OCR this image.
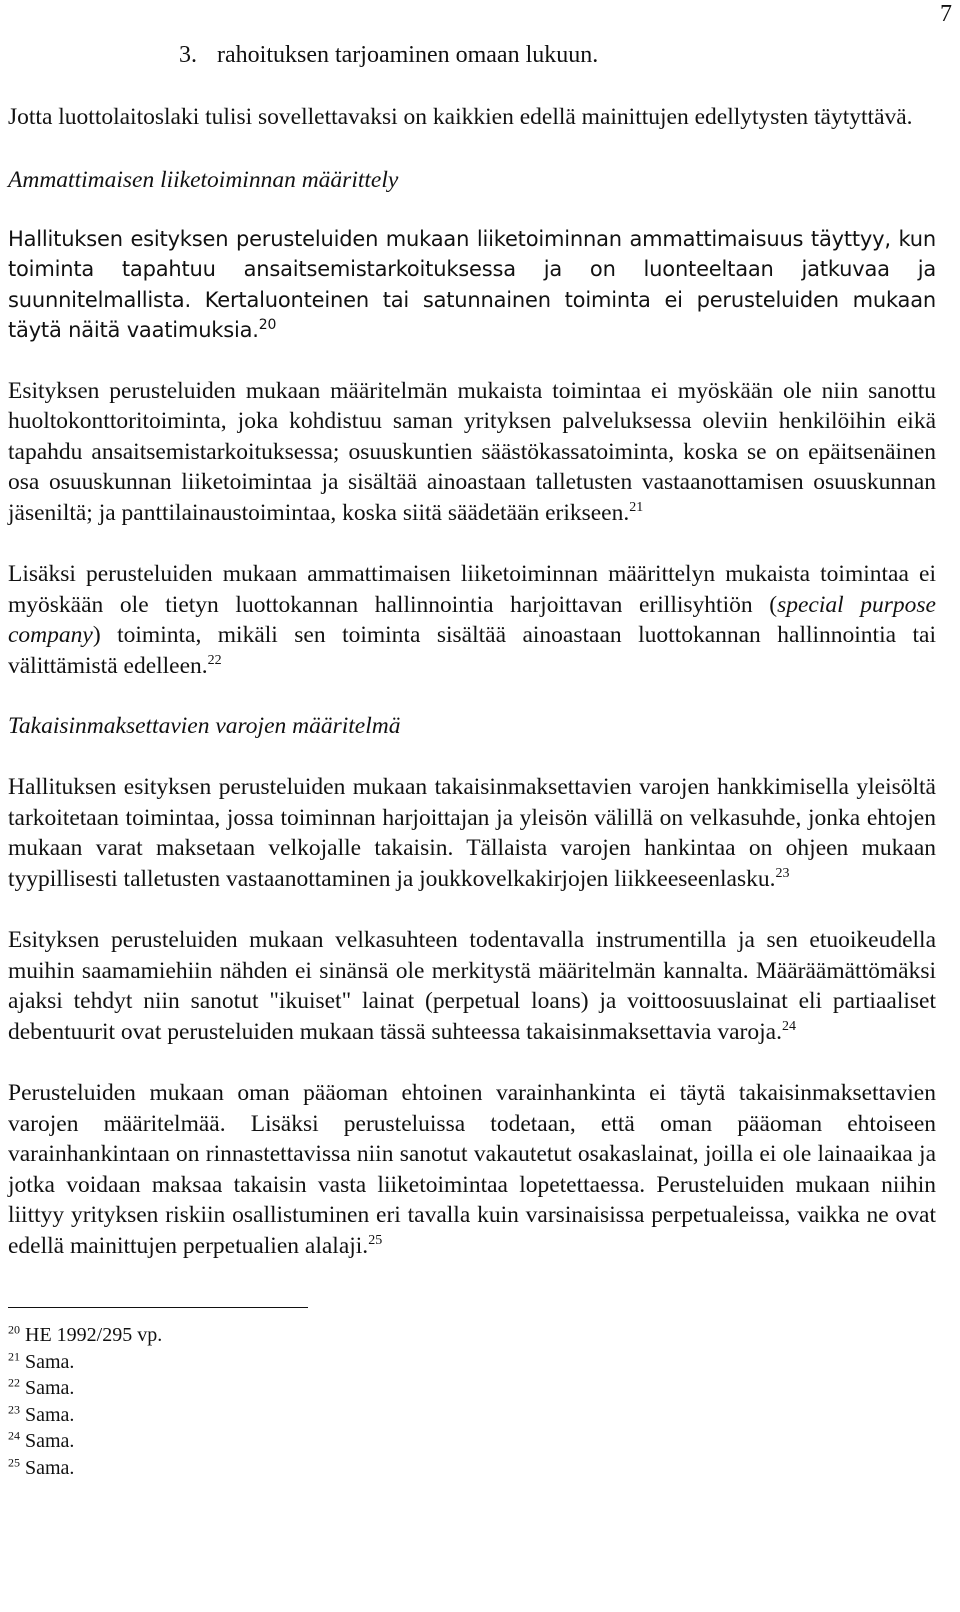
7
3. rahoituksen tarjoaminen omaan lukuun.

Jotta luottolaitoslaki tulisi sovellettavaksi on kaikkien edellä mainittujen edellytysten täytyttävä.

Ammattimaisen liiketoiminnan määrittely

Hallituksen esityksen perusteluiden mukaan liiketoiminnan ammattimaisuus täyttyy, kun toiminta tapahtuu ansaitsemistarkoituksessa ja on luonteeltaan jatkuvaa ja suunnitelmallista. Kertaluonteinen tai satunnainen toiminta ei perusteluiden mukaan täytä näitä vaatimuksia.$^{20}$

Esityksen perusteluiden mukaan määritelmän mukaista toimintaa ei myöskään ole niin sanottu huoltokonttoritoiminta, joka kohdistuu saman yrityksen palveluksessa oleviin henkilöihin eikä tapahdu ansaitsemistarkoituksessa; osuuskuntien säästökassatoiminta, koska se on epäitsenäinen osa osuuskunnan liiketoimintaa ja sisältää ainoastaan talletusten vastaanottamisen osuuskunnan jäseniltä; ja panttilainaustoimintaa, koska siitä säädetään erikseen.$^{21}$

Lisäksi perusteluiden mukaan ammattimaisen liiketoiminnan määrittelyn mukaista toimintaa ei myöskään ole tietyn luottokannan hallinnointia harjoittavan erillisyhtiön (special purpose company) toiminta, mikäli sen toiminta sisältää ainoastaan luottokannan hallinnointia tai välittämistä edelleen.$^{22}$

Takaisinmaksettavien varojen määritelmä

Hallituksen esityksen perusteluiden mukaan takaisinmaksettavien varojen hankkimisella yleisöltä tarkoitetaan toimintaa, jossa toiminnan harjoittajan ja yleisön välillä on velkasuhde, jonka ehtojen mukaan varat maksetaan velkojalle takaisin. Tällaista varojen hankintaa on ohjeen mukaan tyypillisesti talletusten vastaanottaminen ja joukkovelkakirjojen liikkeeseenlasku.$^{23}$

Esityksen perusteluiden mukaan velkasuhteen todentavalla instrumentilla ja sen etuoikeudella muihin saamamiehiin nähden ei sinänsä ole merkitystä määritelmän kannalta. Määräämättömäksi ajaksi tehdyt niin sanotut "ikuiset" lainat (perpetual loans) ja voittoosuuslainat eli partiaaliset debentuurit ovat perusteluiden mukaan tässä suhteessa takaisinmaksettavia varoja.$^{24}$

Perusteluiden mukaan oman pääoman ehtoinen varainhankinta ei täytä takaisinmaksettavien varojen määritelmää. Lisäksi perusteluissa todetaan, että oman pääoman ehtoiseen varainhankintaan on rinnastettavissa niin sanotut vakautetut osakaslainat, joilla ei ole lainaaikaa ja jotka voidaan maksaa takaisin vasta liiketoimintaa lopetettaessa. Perusteluiden mukaan niihin liittyy yrityksen riskiin osallistuminen eri tavalla kuin varsinaisissa perpetualeissa, vaikka ne ovat edellä mainittujen perpetualien alalaji.$^{25}$

$^{20}$ HE 1992/295 vp.

$^{21}$ Sama.

$^{22}$ Sama.

$^{23}$ Sama.

$^{24}$ Sama.

$^{25}$ Sama.
